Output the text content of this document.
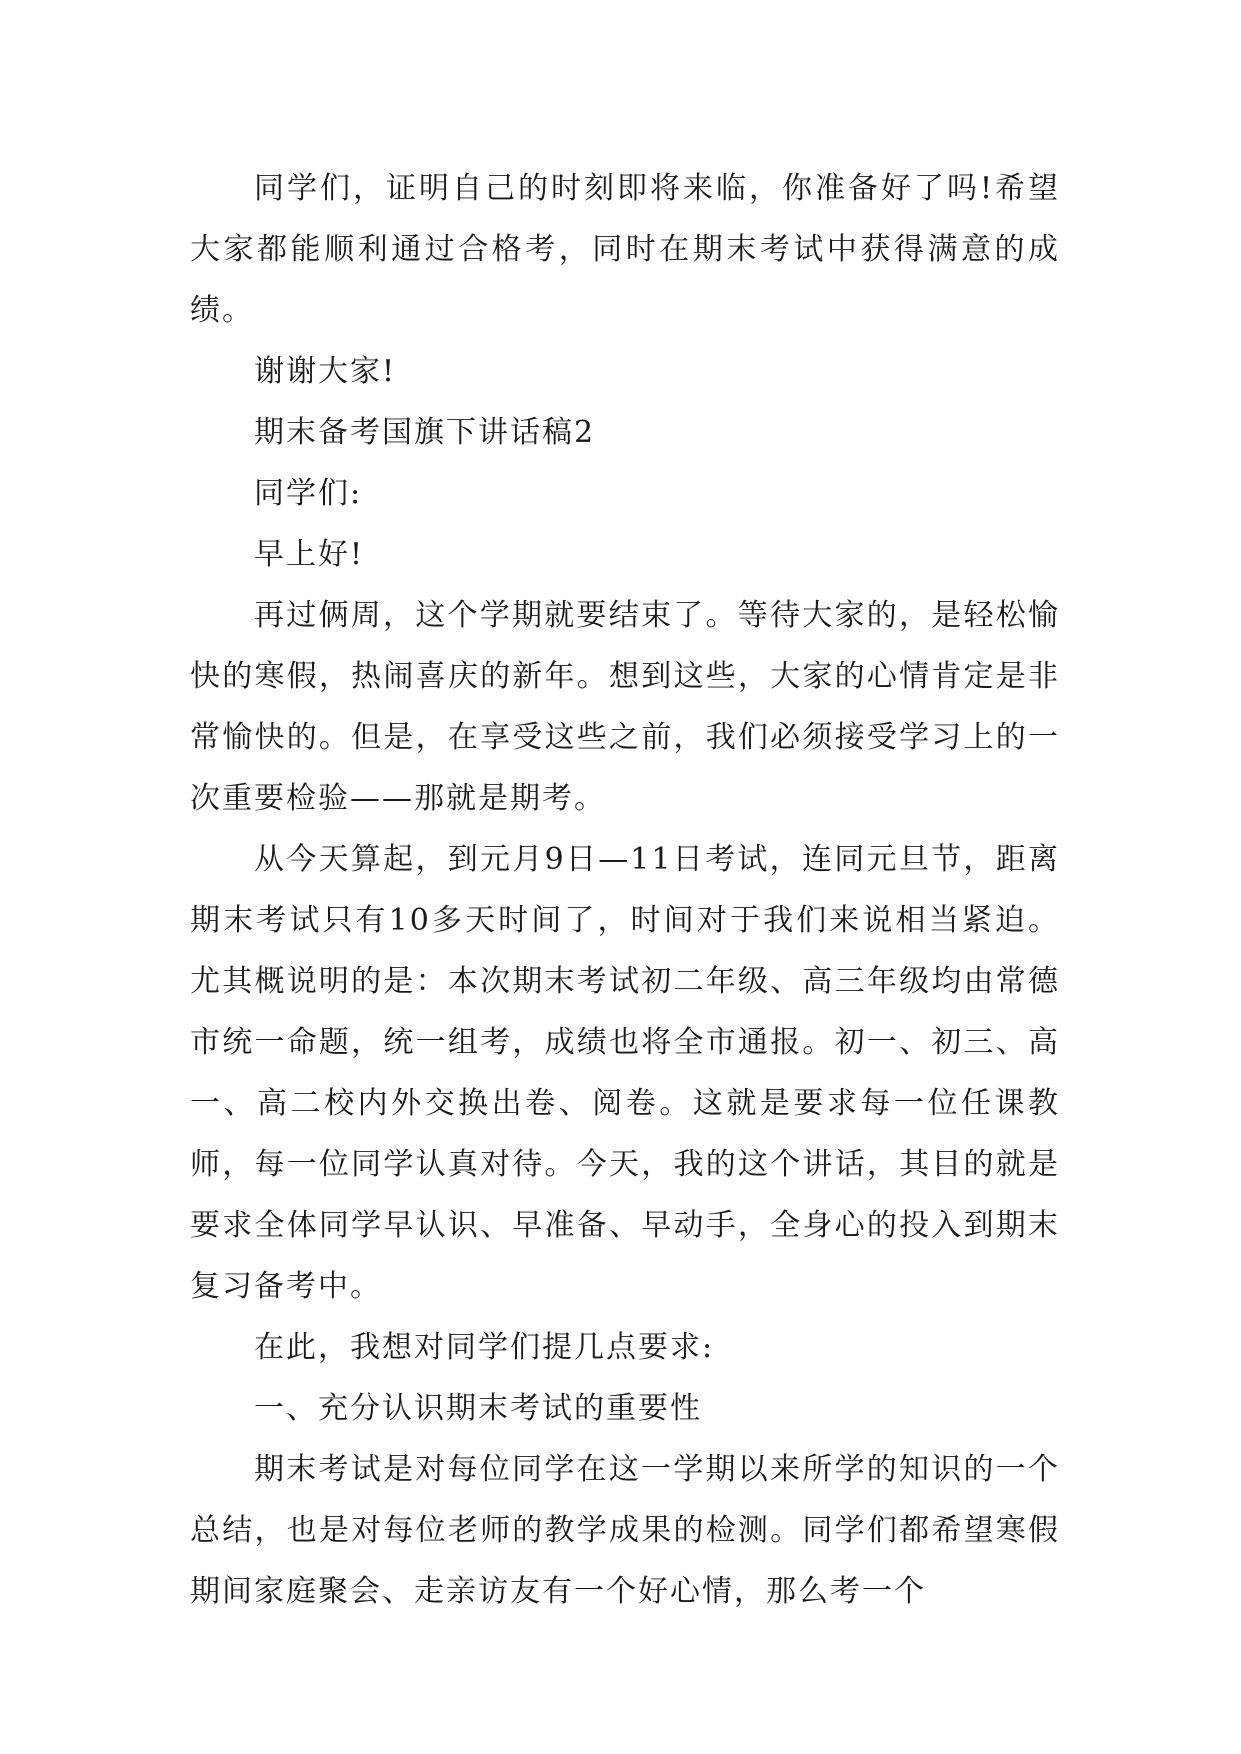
同学们，证明自己的时刻即将来临，你准备好了吗!希望大家都能顺利通过合格考，同时在期末考试中获得满意的成绩。

谢谢大家!

期末备考国旗下讲话稿2

同学们:

早上好!

再过俩周，这个学期就要结束了。等待大家的，是轻松愉快的寒假，热闹喜庆的新年。想到这些，大家的心情肯定是非常愉快的。但是，在享受这些之前，我们必须接受学习上的一次重要检验——那就是期考。

从今天算起，到元月9日—11日考试，连同元旦节，距离期末考试只有10多天时间了，时间对于我们来说相当紧迫。尤其概说明的是：本次期末考试初二年级、高三年级均由常德市统一命题，统一组考，成绩也将全市通报。初一、初三、高一、高二校内外交换出卷、阅卷。这就是要求每一位任课教师，每一位同学认真对待。今天，我的这个讲话，其目的就是要求全体同学早认识、早准备、早动手，全身心的投入到期末复习备考中。

在此，我想对同学们提几点要求:

一、充分认识期末考试的重要性

期末考试是对每位同学在这一学期以来所学的知识的一个总结，也是对每位老师的教学成果的检测。同学们都希望寒假期间家庭聚会、走亲访友有一个好心情，那么考一个
